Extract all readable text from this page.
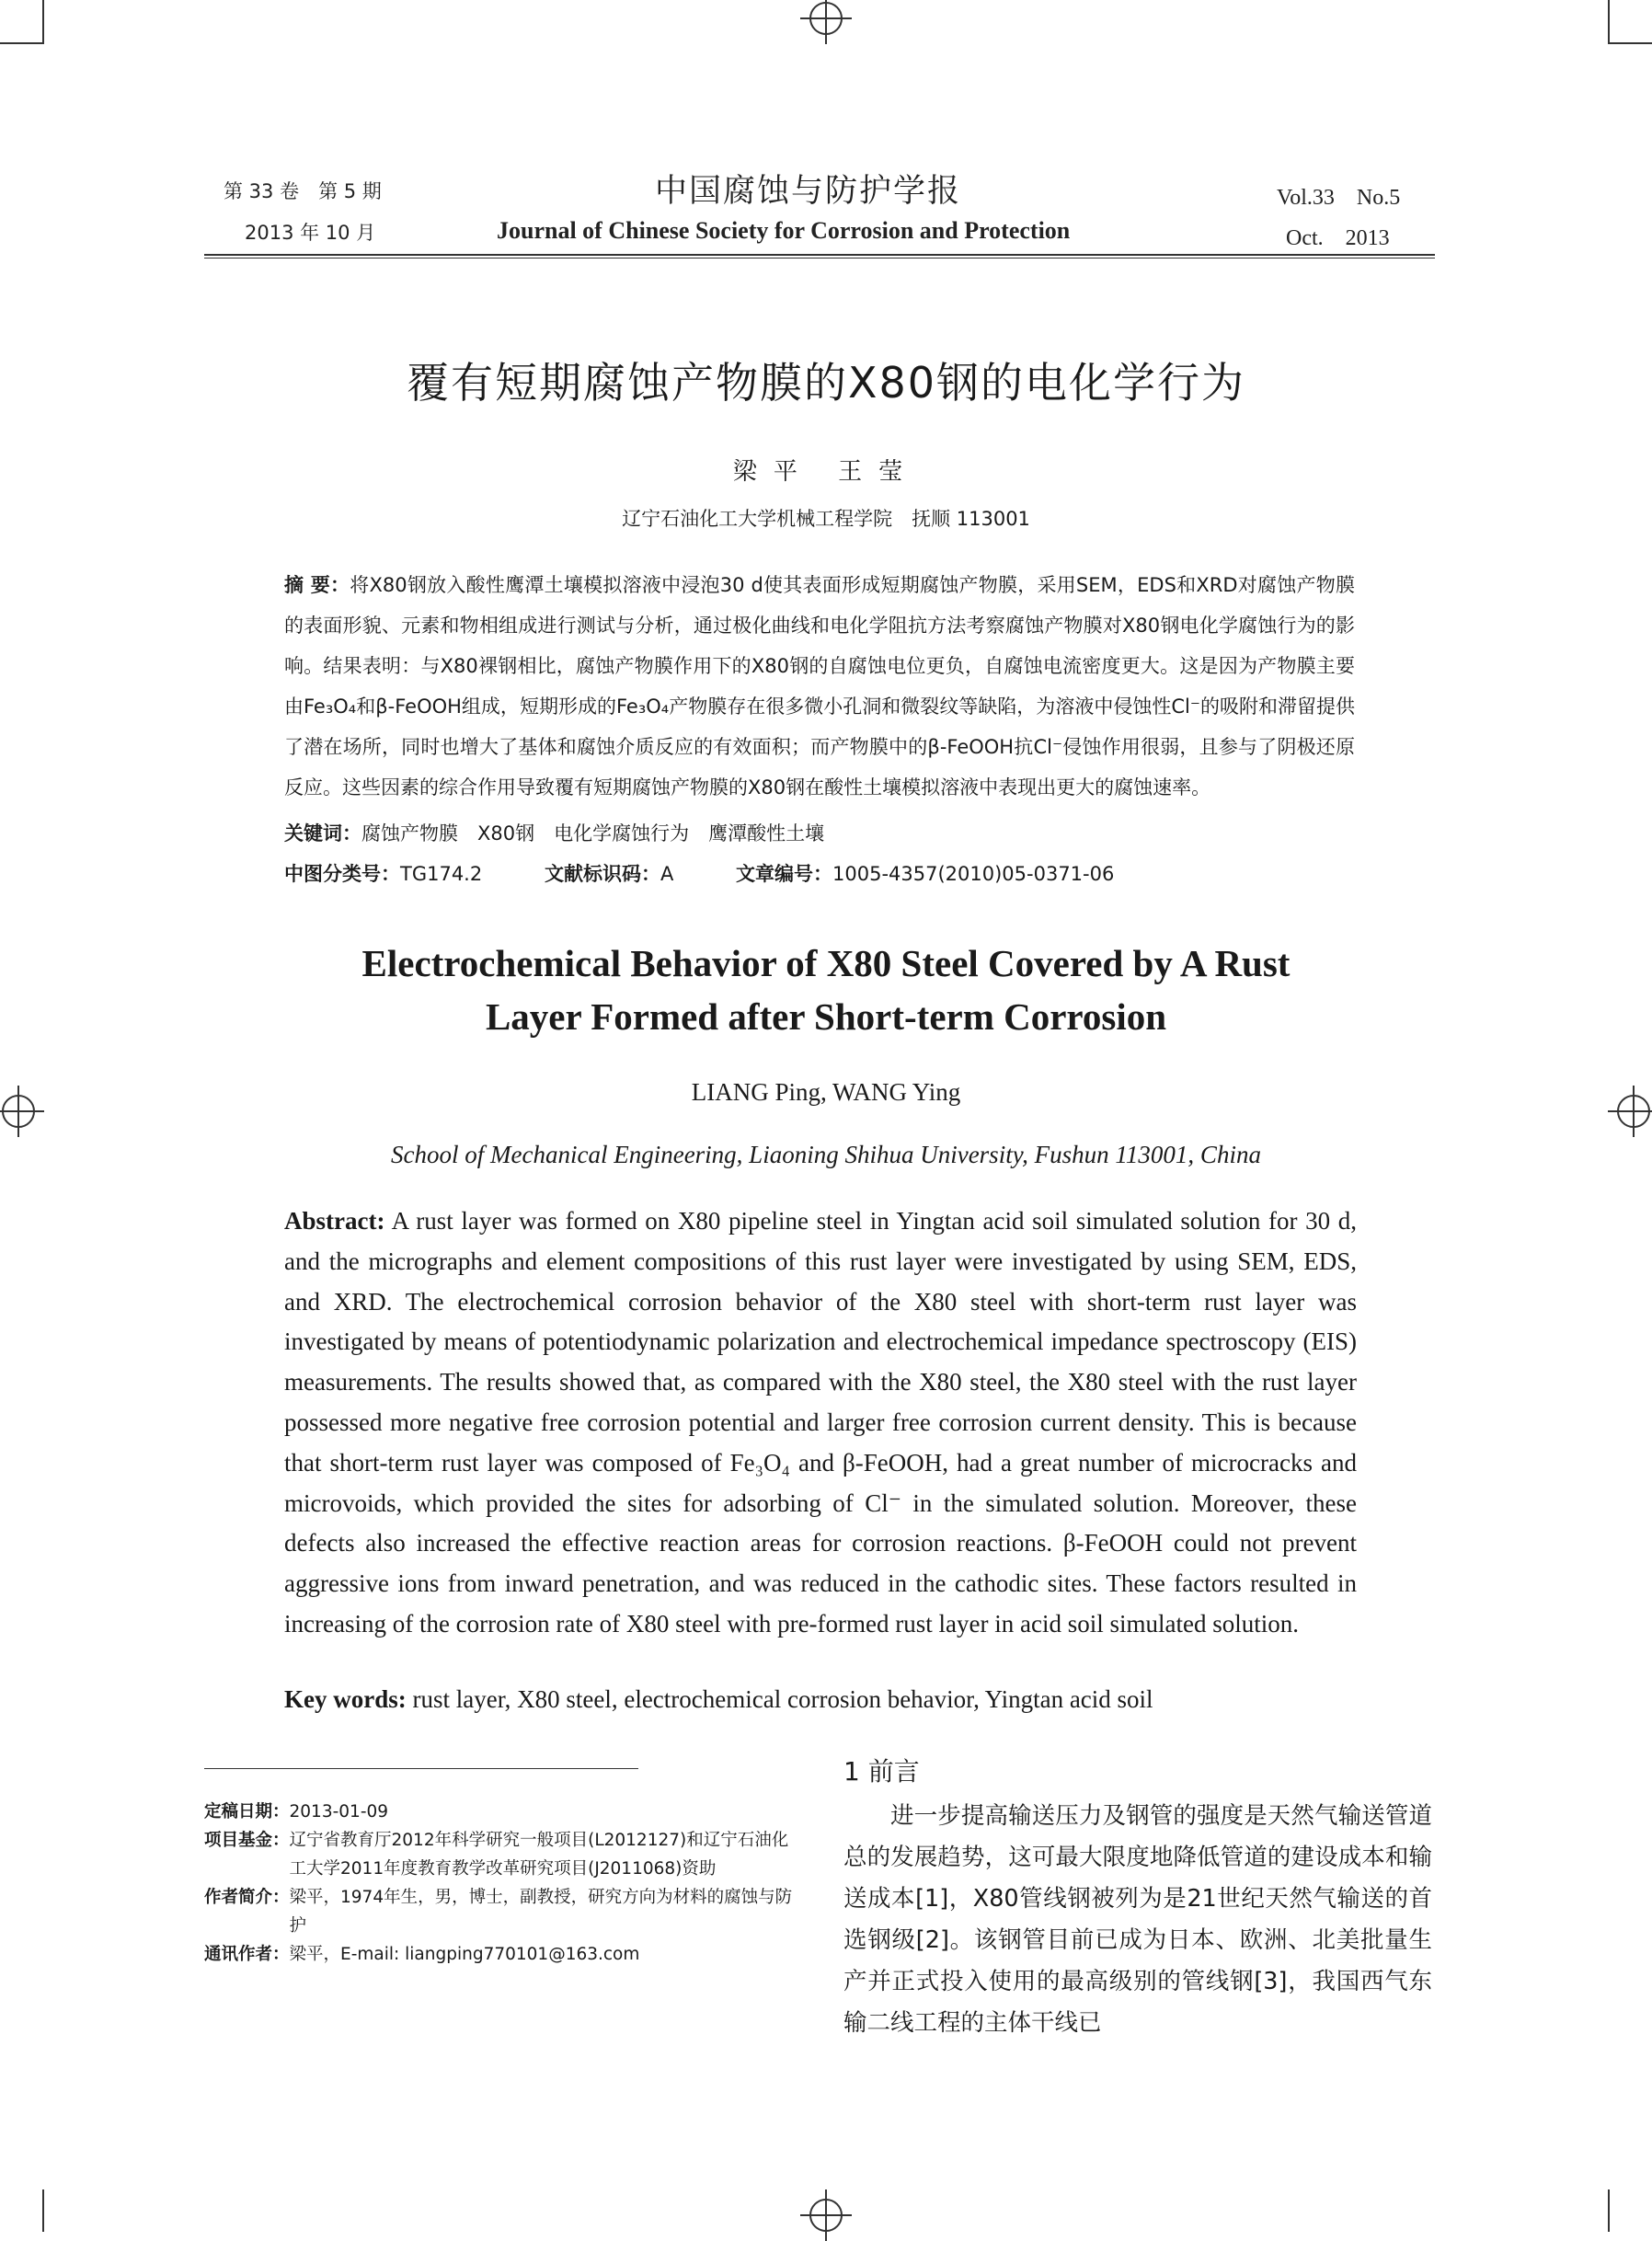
第 33 卷　第 5 期
2013 年 10 月
中国腐蚀与防护学报
Journal of Chinese Society for Corrosion and Protection
Vol.33　No.5
Oct.　2013
覆有短期腐蚀产物膜的X80钢的电化学行为
梁平 王莹
辽宁石油化工大学机械工程学院　抚顺 113001
摘 要：将X80钢放入酸性鹰潭土壤模拟溶液中浸泡30 d使其表面形成短期腐蚀产物膜，采用SEM，EDS和XRD对腐蚀产物膜的表面形貌、元素和物相组成进行测试与分析，通过极化曲线和电化学阻抗方法考察腐蚀产物膜对X80钢电化学腐蚀行为的影响。结果表明：与X80裸钢相比，腐蚀产物膜作用下的X80钢的自腐蚀电位更负，自腐蚀电流密度更大。这是因为产物膜主要由Fe₃O₄和β-FeOOH组成，短期形成的Fe₃O₄产物膜存在很多微小孔洞和微裂纹等缺陷，为溶液中侵蚀性Cl⁻的吸附和滞留提供了潜在场所，同时也增大了基体和腐蚀介质反应的有效面积；而产物膜中的β-FeOOH抗Cl⁻侵蚀作用很弱，且参与了阴极还原反应。这些因素的综合作用导致覆有短期腐蚀产物膜的X80钢在酸性土壤模拟溶液中表现出更大的腐蚀速率。
关键词：腐蚀产物膜　X80钢　电化学腐蚀行为　鹰潭酸性土壤
中图分类号：TG174.2	文献标识码：A	文章编号：1005-4357(2010)05-0371-06
Electrochemical Behavior of X80 Steel Covered by A Rust
Layer Formed after Short-term Corrosion
LIANG Ping, WANG Ying
School of Mechanical Engineering, Liaoning Shihua University, Fushun 113001, China
Abstract: A rust layer was formed on X80 pipeline steel in Yingtan acid soil simulated solution for 30 d, and the micrographs and element compositions of this rust layer were investigated by using SEM, EDS, and XRD. The electrochemical corrosion behavior of the X80 steel with short-term rust layer was investigated by means of potentiodynamic polarization and electrochemical impedance spectroscopy (EIS) measurements. The results showed that, as compared with the X80 steel, the X80 steel with the rust layer possessed more negative free corrosion potential and larger free corrosion current density. This is because that short-term rust layer was composed of Fe₃O₄ and β-FeOOH, had a great number of microcracks and microvoids, which provided the sites for adsorbing of Cl⁻ in the simulated solution. Moreover, these defects also increased the effective reaction areas for corrosion reactions. β-FeOOH could not prevent aggressive ions from inward penetration, and was reduced in the cathodic sites. These factors resulted in increasing of the corrosion rate of X80 steel with pre-formed rust layer in acid soil simulated solution.
Key words: rust layer, X80 steel, electrochemical corrosion behavior, Yingtan acid soil
定稿日期：2013-01-09
项目基金： 辽宁省教育厅2012年科学研究一般项目(L2012127)和辽宁石油化工大学2011年度教育教学改革研究项目(J2011068)资助
作者简介： 梁平，1974年生，男，博士，副教授，研究方向为材料的腐蚀与防护
通讯作者：梁平，E-mail: liangping770101@163.com
1 前言
进一步提高输送压力及钢管的强度是天然气输送管道总的发展趋势，这可最大限度地降低管道的建设成本和输送成本[1]，X80管线钢被列为是21世纪天然气输送的首选钢级[2]。该钢管目前已成为日本、欧洲、北美批量生产并正式投入使用的最高级别的管线钢[3]，我国西气东输二线工程的主体干线已
